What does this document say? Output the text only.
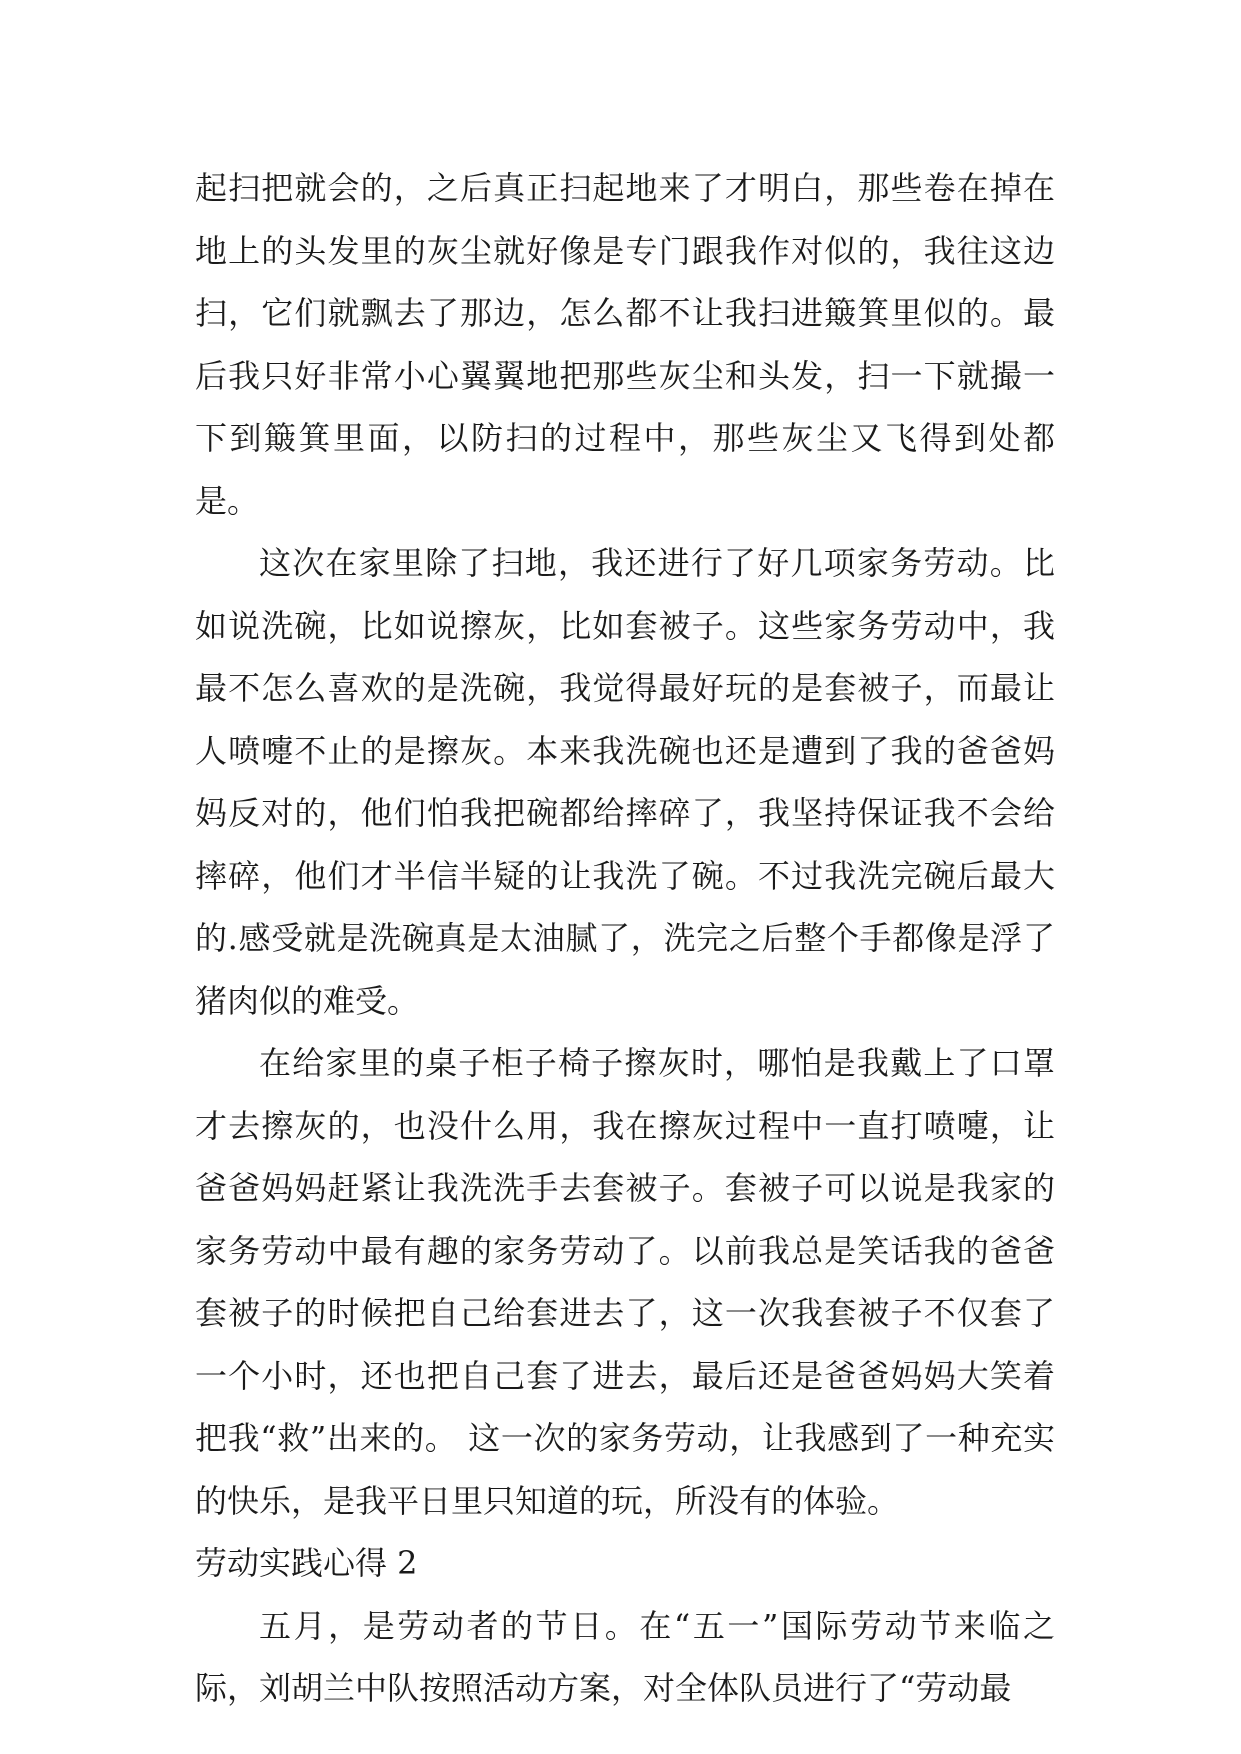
起扫把就会的，之后真正扫起地来了才明白，那些卷在掉在地上的头发里的灰尘就好像是专门跟我作对似的，我往这边扫，它们就飘去了那边，怎么都不让我扫进簸箕里似的。最后我只好非常小心翼翼地把那些灰尘和头发，扫一下就撮一下到簸箕里面，以防扫的过程中，那些灰尘又飞得到处都是。

这次在家里除了扫地，我还进行了好几项家务劳动。比如说洗碗，比如说擦灰，比如套被子。这些家务劳动中，我最不怎么喜欢的是洗碗，我觉得最好玩的是套被子，而最让人喷嚏不止的是擦灰。本来我洗碗也还是遭到了我的爸爸妈妈反对的，他们怕我把碗都给摔碎了，我坚持保证我不会给摔碎，他们才半信半疑的让我洗了碗。不过我洗完碗后最大的.感受就是洗碗真是太油腻了，洗完之后整个手都像是浮了猪肉似的难受。

在给家里的桌子柜子椅子擦灰时，哪怕是我戴上了口罩才去擦灰的，也没什么用，我在擦灰过程中一直打喷嚏，让爸爸妈妈赶紧让我洗洗手去套被子。套被子可以说是我家的家务劳动中最有趣的家务劳动了。以前我总是笑话我的爸爸套被子的时候把自己给套进去了，这一次我套被子不仅套了一个小时，还也把自己套了进去，最后还是爸爸妈妈大笑着把我“救”出来的。 这一次的家务劳动，让我感到了一种充实的快乐，是我平日里只知道的玩，所没有的体验。

劳动实践心得 2

五月，是劳动者的节日。在“五一”国际劳动节来临之际，刘胡兰中队按照活动方案，对全体队员进行了“劳动最
